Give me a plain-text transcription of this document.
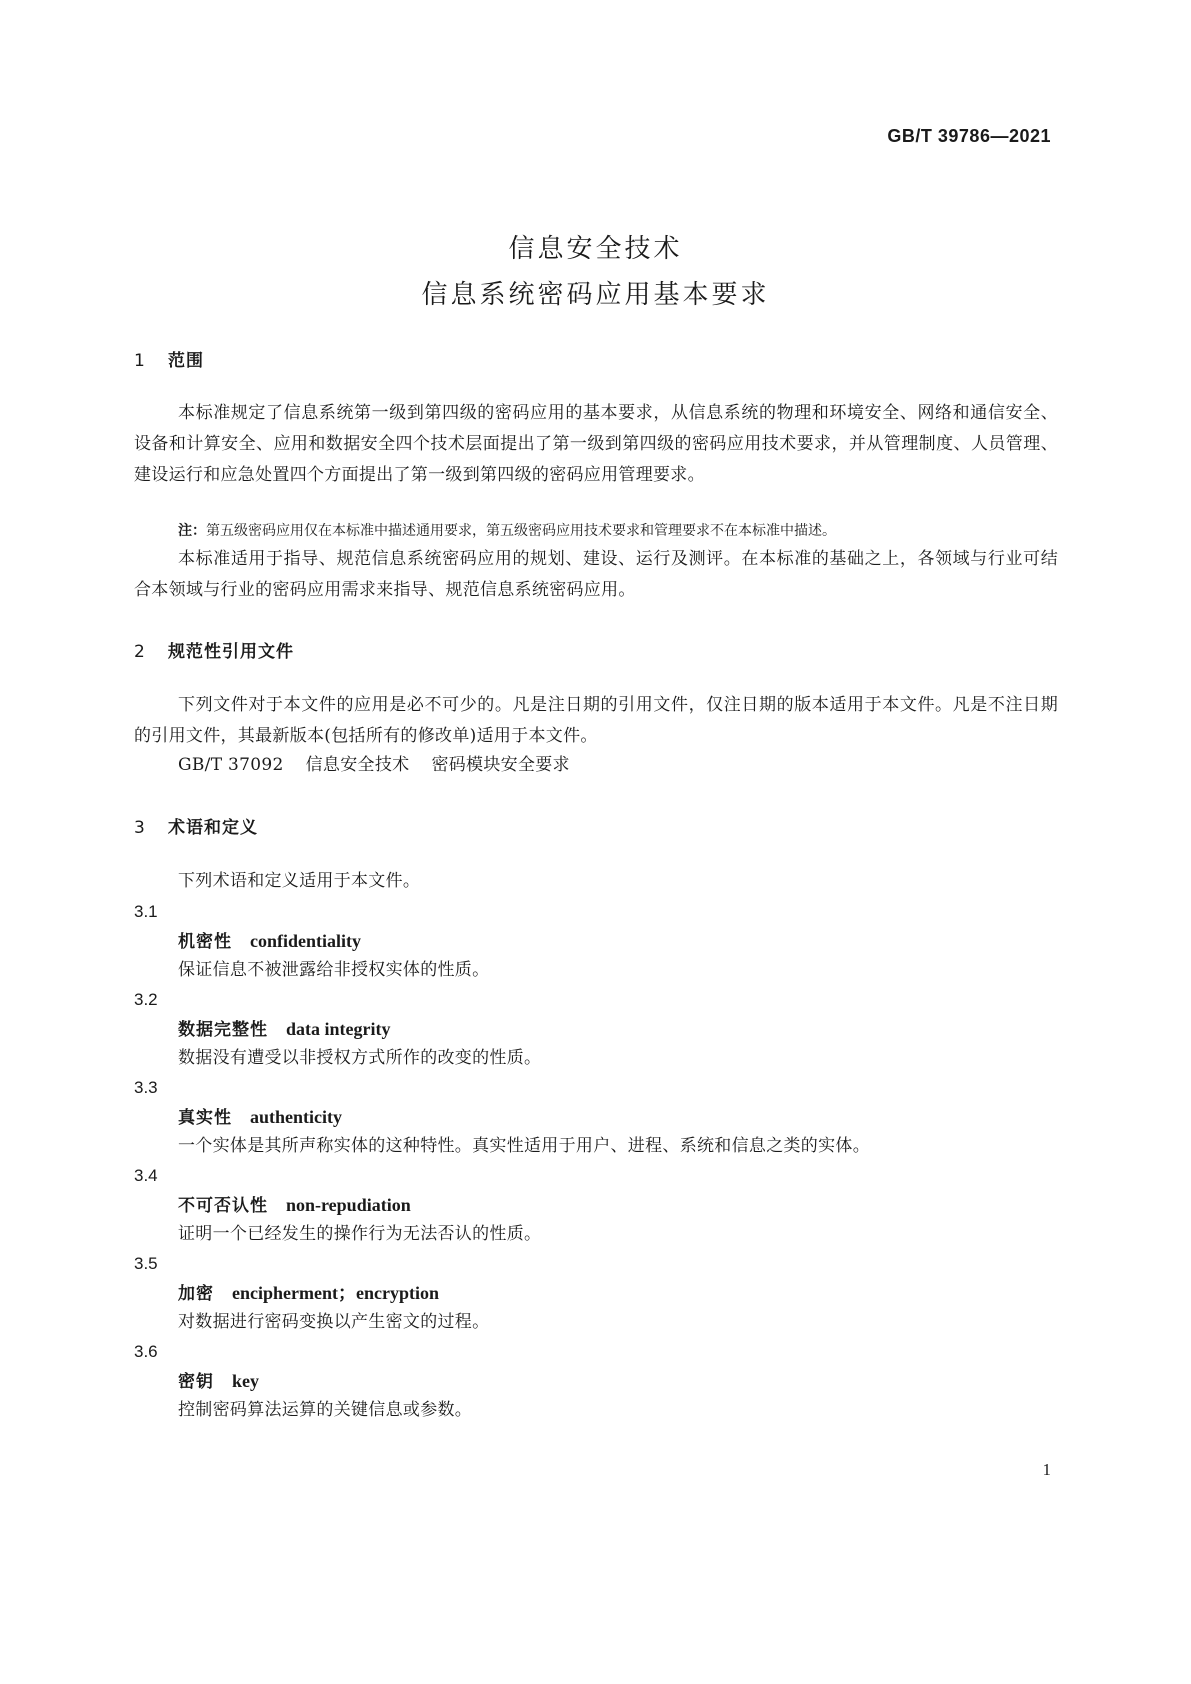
GB/T 39786—2021
信息安全技术
信息系统密码应用基本要求
1 范围
本标准规定了信息系统第一级到第四级的密码应用的基本要求，从信息系统的物理和环境安全、网络和通信安全、设备和计算安全、应用和数据安全四个技术层面提出了第一级到第四级的密码应用技术要求，并从管理制度、人员管理、建设运行和应急处置四个方面提出了第一级到第四级的密码应用管理要求。
注：第五级密码应用仅在本标准中描述通用要求，第五级密码应用技术要求和管理要求不在本标准中描述。
本标准适用于指导、规范信息系统密码应用的规划、建设、运行及测评。在本标准的基础之上，各领域与行业可结合本领域与行业的密码应用需求来指导、规范信息系统密码应用。
2 规范性引用文件
下列文件对于本文件的应用是必不可少的。凡是注日期的引用文件，仅注日期的版本适用于本文件。凡是不注日期的引用文件，其最新版本(包括所有的修改单)适用于本文件。
GB/T 37092 信息安全技术 密码模块安全要求
3 术语和定义
下列术语和定义适用于本文件。
3.1
机密性 confidentiality
保证信息不被泄露给非授权实体的性质。
3.2
数据完整性 data integrity
数据没有遭受以非授权方式所作的改变的性质。
3.3
真实性 authenticity
一个实体是其所声称实体的这种特性。真实性适用于用户、进程、系统和信息之类的实体。
3.4
不可否认性 non-repudiation
证明一个已经发生的操作行为无法否认的性质。
3.5
加密 encipherment；encryption
对数据进行密码变换以产生密文的过程。
3.6
密钥 key
控制密码算法运算的关键信息或参数。
1
